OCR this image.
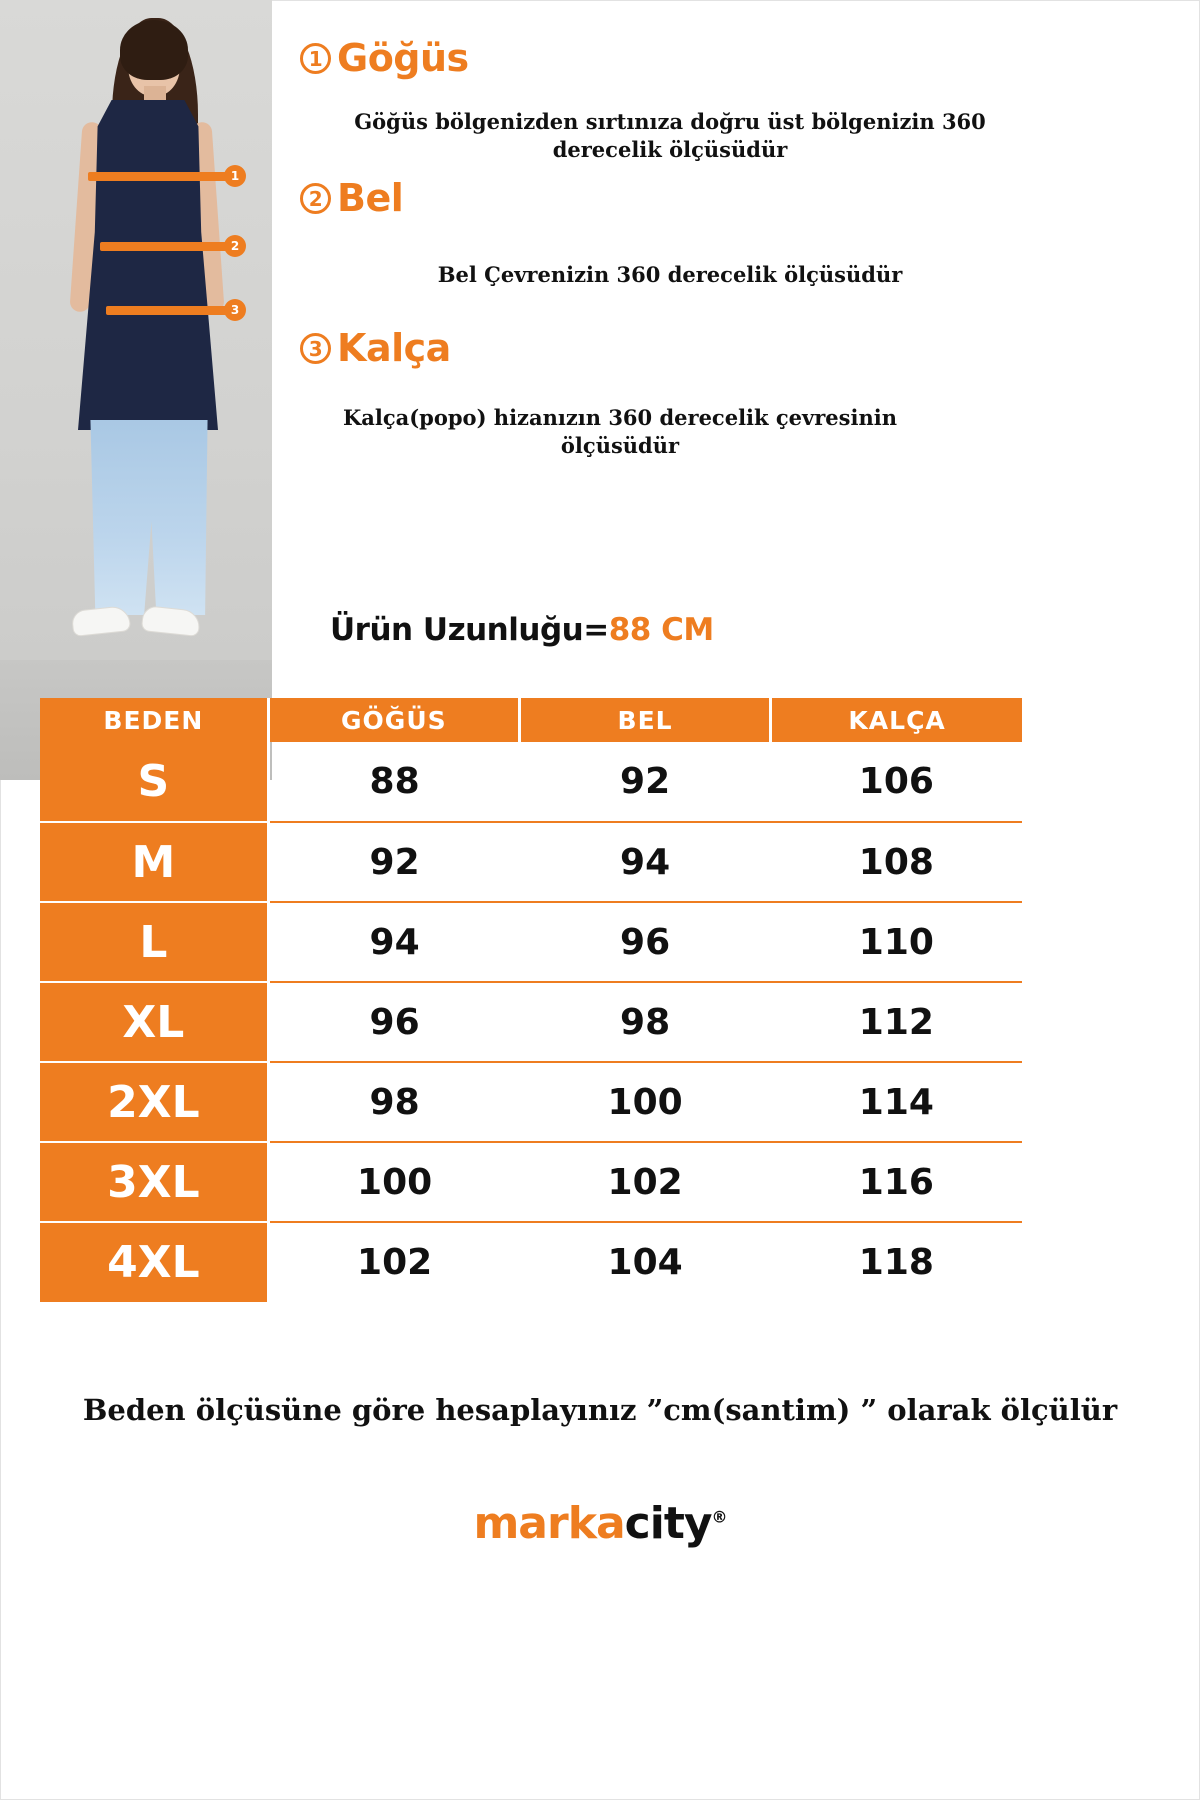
1
2
3
1 Göğüs

Göğüs bölgenizden sırtınıza doğru üst bölgenizin 360 derecelik ölçüsüdür

2 Bel

Bel Çevrenizin 360 derecelik ölçüsüdür

3 Kalça

Kalça(popo) hizanızın 360 derecelik çevresinin ölçüsüdür

Ürün Uzunluğu=88 CM
BEDEN	GÖĞÜS	BEL	KALÇA
S	88	92	106
M	92	94	108
L	94	96	110
XL	96	98	112
2XL	98	100	114
3XL	100	102	116
4XL	102	104	118
Beden ölçüsüne göre hesaplayınız ”cm(santim) ” olarak ölçülür
markacity®
